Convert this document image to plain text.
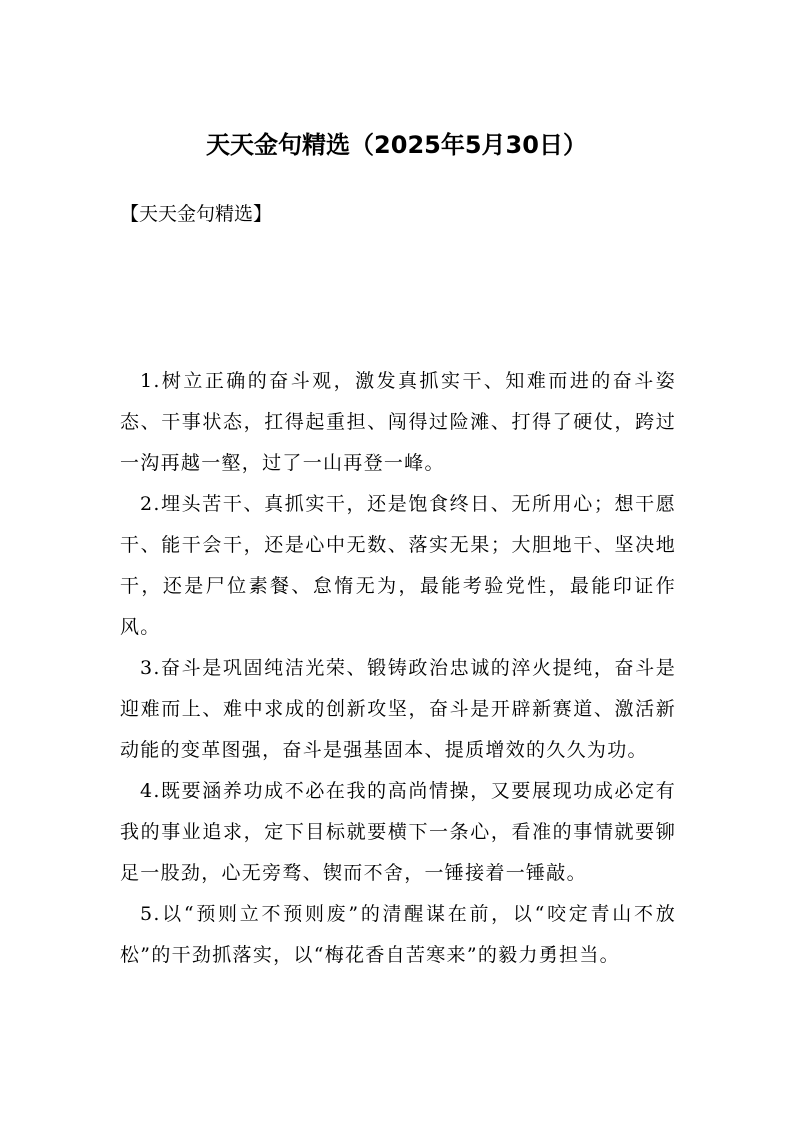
天天金句精选（2025年5月30日）

【天天金句精选】

1.树立正确的奋斗观，激发真抓实干、知难而进的奋斗姿态、干事状态，扛得起重担、闯得过险滩、打得了硬仗，跨过一沟再越一壑，过了一山再登一峰。

2.埋头苦干、真抓实干，还是饱食终日、无所用心；想干愿干、能干会干，还是心中无数、落实无果；大胆地干、坚决地干，还是尸位素餐、怠惰无为，最能考验党性，最能印证作风。

3.奋斗是巩固纯洁光荣、锻铸政治忠诚的淬火提纯，奋斗是迎难而上、难中求成的创新攻坚，奋斗是开辟新赛道、激活新动能的变革图强，奋斗是强基固本、提质增效的久久为功。

4.既要涵养功成不必在我的高尚情操，又要展现功成必定有我的事业追求，定下目标就要横下一条心，看准的事情就要铆足一股劲，心无旁骛、锲而不舍，一锤接着一锤敲。

5.以“预则立不预则废”的清醒谋在前，以“咬定青山不放松”的干劲抓落实，以“梅花香自苦寒来”的毅力勇担当。
